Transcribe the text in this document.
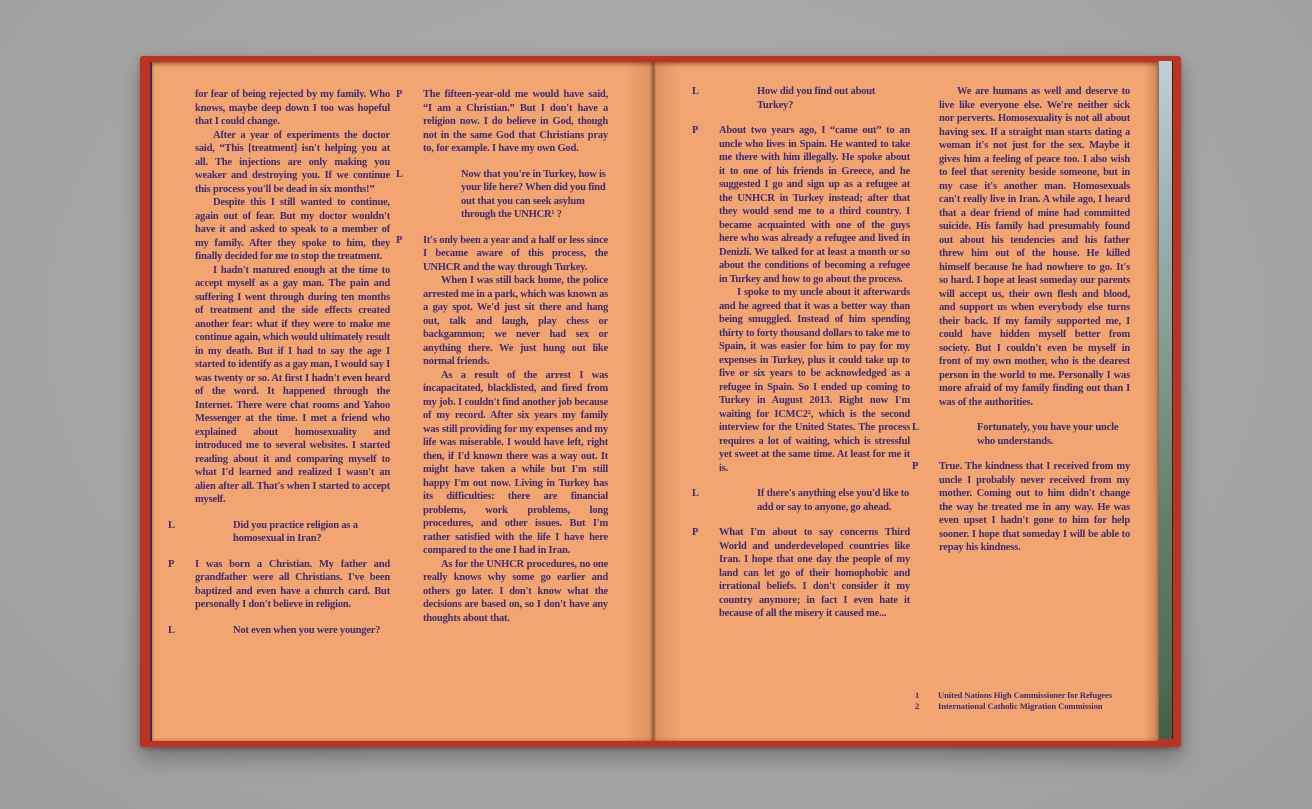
for fear of being rejected by my family. Who knows, maybe deep down I too was hopeful that I could change.
After a year of experiments the doctor said, “This [treatment] isn't helping you at all. The injections are only making you weaker and destroying you. If we continue this process you'll be dead in six months!”
Despite this I still wanted to continue, again out of fear. But my doctor wouldn't have it and asked to speak to a member of my family. After they spoke to him, they finally decided for me to stop the treatment.
I hadn't matured enough at the time to accept myself as a gay man. The pain and suffering I went through during ten months of treatment and the side effects created another fear: what if they were to make me continue again, which would ultimately result in my death. But if I had to say the age I started to identify as a gay man, I would say I was twenty or so. At first I hadn't even heard of the word. It happened through the Internet. There were chat rooms and Yahoo Messenger at the time. I met a friend who explained about homosexuality and introduced me to several websites. I started reading about it and comparing myself to what I'd learned and realized I wasn't an alien after all. That's when I started to accept myself.
L	Did you practice religion as a homosexual in Iran?
P	I was born a Christian. My father and grandfather were all Christians. I've been baptized and even have a church card. But personally I don't believe in religion.
L	Not even when you were younger?
P	The fifteen-year-old me would have said, “I am a Christian.” But I don't have a religion now. I do believe in God, though not in the same God that Christians pray to, for example. I have my own God.
L	Now that you're in Turkey, how is your life here? When did you find out that you can seek asylum through the UNHCR¹ ?
P	It's only been a year and a half or less since I became aware of this process, the UNHCR and the way through Turkey.
When I was still back home, the police arrested me in a park, which was known as a gay spot. We'd just sit there and hang out, talk and laugh, play chess or backgammon; we never had sex or anything there. We just hung out like normal friends.
As a result of the arrest I was incapacitated, blacklisted, and fired from my job. I couldn't find another job because of my record. After six years my family was still providing for my expenses and my life was miserable. I would have left, right then, if I'd known there was a way out. It might have taken a while but I'm still happy I'm out now. Living in Turkey has its difficulties: there are financial problems, work problems, long procedures, and other issues. But I'm rather satisfied with the life I have here compared to the one I had in Iran.
As for the UNHCR procedures, no one really knows why some go earlier and others go later. I don't know what the decisions are based on, so I don't have any thoughts about that.
L	How did you find out about Turkey?
P	About two years ago, I “came out” to an uncle who lives in Spain. He wanted to take me there with him illegally. He spoke about it to one of his friends in Greece, and he suggested I go and sign up as a refugee at the UNHCR in Turkey instead; after that they would send me to a third country. I became acquainted with one of the guys here who was already a refugee and lived in Denizli. We talked for at least a month or so about the conditions of becoming a refugee in Turkey and how to go about the process.
I spoke to my uncle about it afterwards and he agreed that it was a better way than being smuggled. Instead of him spending thirty to forty thousand dollars to take me to Spain, it was easier for him to pay for my expenses in Turkey, plus it could take up to five or six years to be acknowledged as a refugee in Spain. So I ended up coming to Turkey in August 2013. Right now I'm waiting for ICMC2², which is the second interview for the United States. The process requires a lot of waiting, which is stressful yet sweet at the same time. At least for me it is.
L	If there's anything else you'd like to add or say to anyone, go ahead.
P	What I'm about to say concerns Third World and underdeveloped countries like Iran. I hope that one day the people of my land can let go of their homophobic and irrational beliefs. I don't consider it my country anymore; in fact I even hate it because of all the misery it caused me...
We are humans as well and deserve to live like everyone else. We're neither sick nor perverts. Homosexuality is not all about having sex. If a straight man starts dating a woman it's not just for the sex. Maybe it gives him a feeling of peace too. I also wish to feel that serenity beside someone, but in my case it's another man. Homosexuals can't really live in Iran. A while ago, I heard that a dear friend of mine had committed suicide. His family had presumably found out about his tendencies and his father threw him out of the house. He killed himself because he had nowhere to go. It's so hard. I hope at least someday our parents will accept us, their own flesh and blood, and support us when everybody else turns their back. If my family supported me, I could have hidden myself better from society. But I couldn't even be myself in front of my own mother, who is the dearest person in the world to me. Personally I was more afraid of my family finding out than I was of the authorities.
L	Fortunately, you have your uncle who understands.
P	True. The kindness that I received from my uncle I probably never received from my mother. Coming out to him didn't change the way he treated me in any way. He was even upset I hadn't gone to him for help sooner. I hope that someday I will be able to repay his kindness.
1	United Nations High Commissioner for Refugees
2	International Catholic Migration Commission
